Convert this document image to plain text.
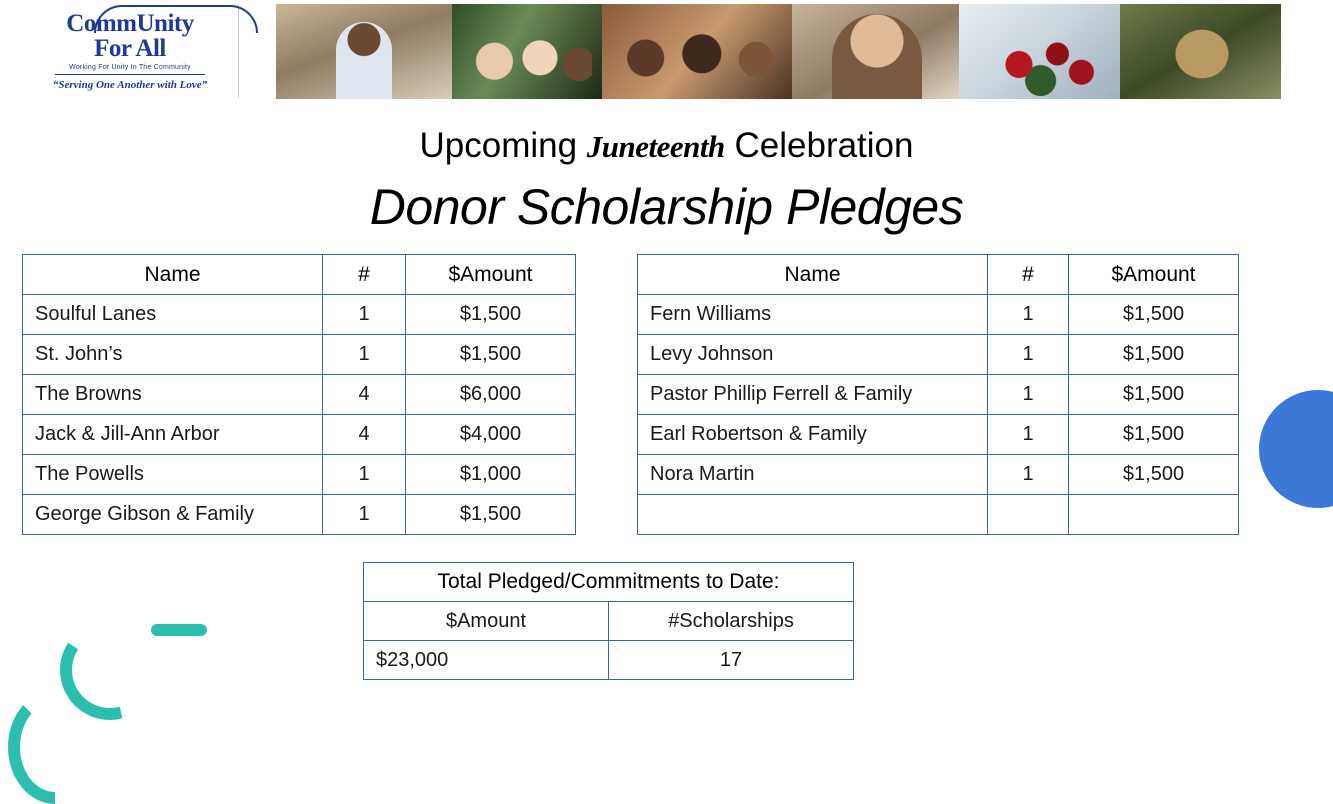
CommUnity
For All
Working For Unity In The Community
“Serving One Another with Love”
Upcoming Juneteenth Celebration
Donor Scholarship Pledges
Name	#	$Amount
Soulful Lanes	1	$1,500
St. John’s	1	$1,500
The Browns	4	$6,000
Jack & Jill-Ann Arbor	4	$4,000
The Powells	1	$1,000
George Gibson & Family	1	$1,500
Name	#	$Amount
Fern Williams	1	$1,500
Levy Johnson	1	$1,500
Pastor Phillip Ferrell & Family	1	$1,500
Earl Robertson & Family	1	$1,500
Nora Martin	1	$1,500

Total Pledged/Commitments to Date:	
$Amount	#Scholarships
$23,000	17
